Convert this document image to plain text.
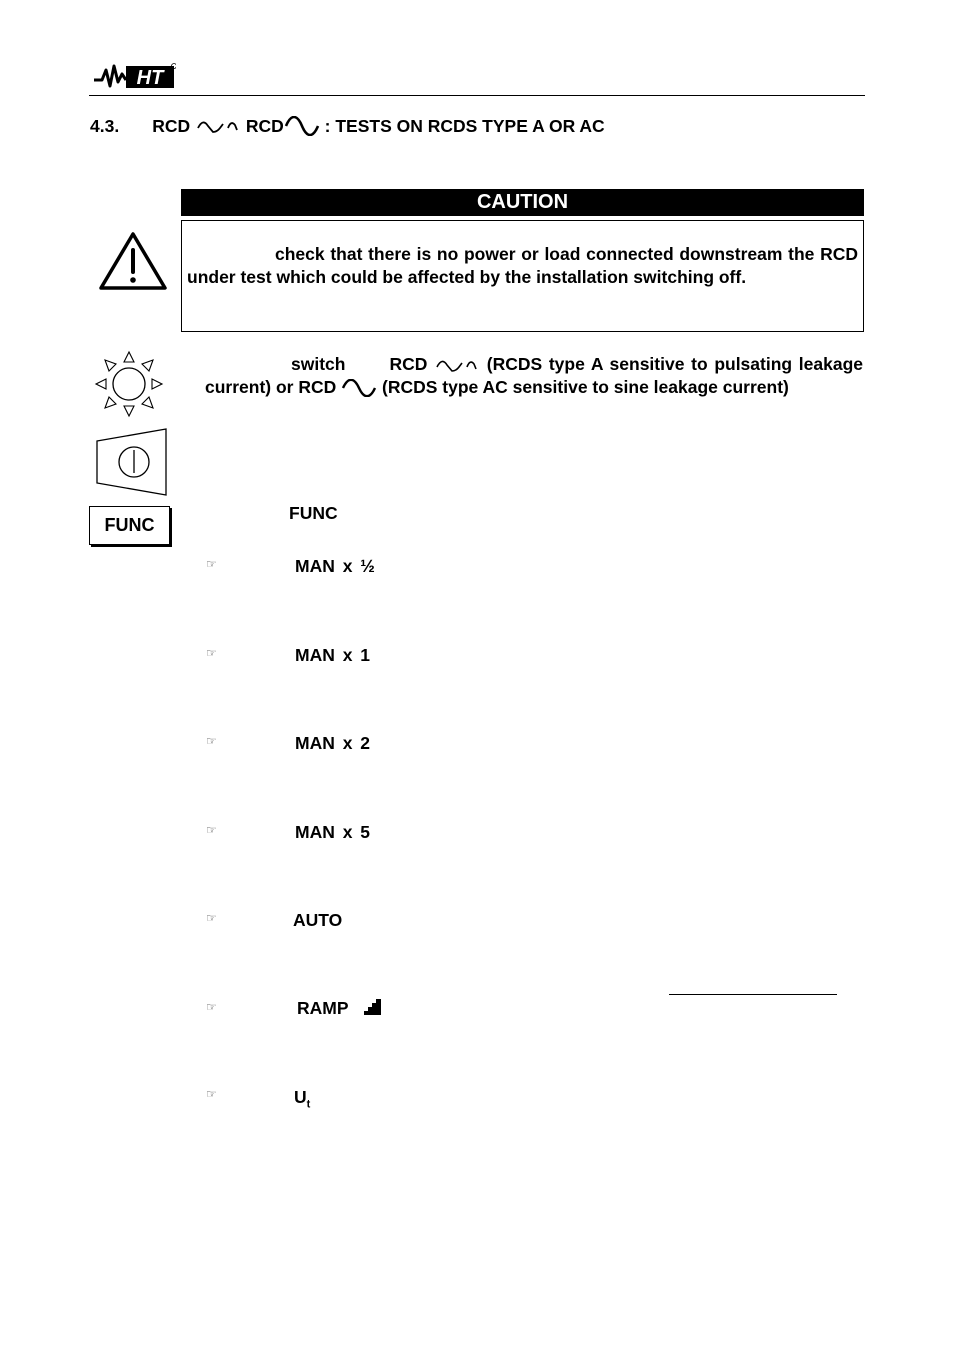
HT
4.3. RCD	RCD : TESTS ON RCDS TYPE A OR AC
CAUTION
check that there is no power or load connected downstream the RCD under test which could be affected by the installation switching off.
FUNC
switch	RCD	(RCDS type A sensitive to pulsating leakage current) or RCD	(RCDS type AC sensitive to sine leakage current)
FUNC
☞	MAN x ½
☞	MAN x 1
☞	MAN x 2
☞	MAN x 5
☞	AUTO
☞	RAMP
☞	$U_t$
